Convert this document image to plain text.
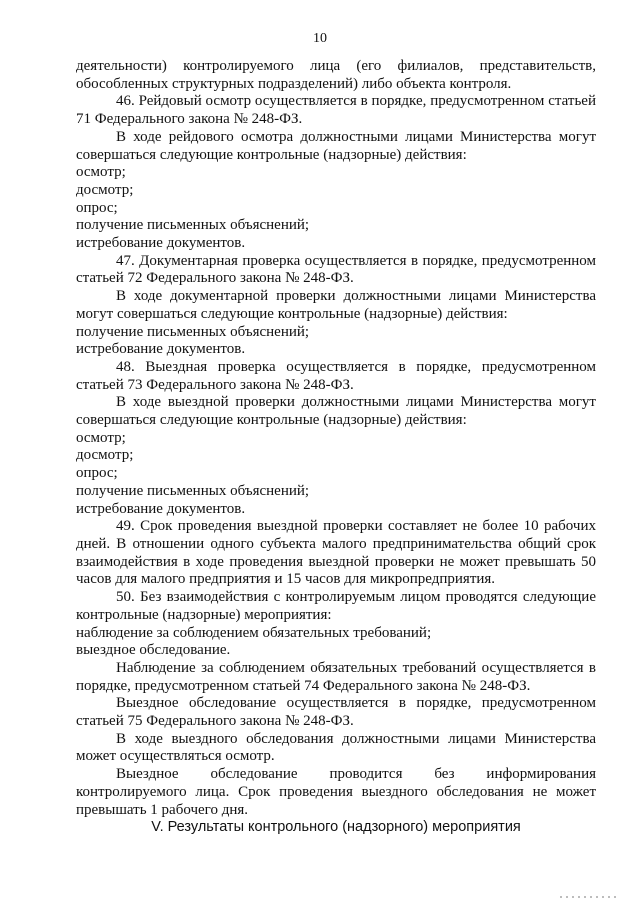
10

деятельности) контролируемого лица (его филиалов, представительств, обособленных структурных подразделений) либо объекта контроля.

46. Рейдовый осмотр осуществляется в порядке, предусмотренном статьей 71 Федерального закона № 248-ФЗ.

В ходе рейдового осмотра должностными лицами Министерства могут совершаться следующие контрольные (надзорные) действия:

осмотр;

досмотр;

опрос;

получение письменных объяснений;

истребование документов.

47. Документарная проверка осуществляется в порядке, предусмотренном статьей 72 Федерального закона № 248-ФЗ.

В ходе документарной проверки должностными лицами Министерства могут совершаться следующие контрольные (надзорные) действия:

получение письменных объяснений;

истребование документов.

48. Выездная проверка осуществляется в порядке, предусмотренном статьей 73 Федерального закона № 248-ФЗ.

В ходе выездной проверки должностными лицами Министерства могут совершаться следующие контрольные (надзорные) действия:

осмотр;

досмотр;

опрос;

получение письменных объяснений;

истребование документов.

49. Срок проведения выездной проверки составляет не более 10 рабочих дней. В отношении одного субъекта малого предпринимательства общий срок взаимодействия в ходе проведения выездной проверки не может превышать 50 часов для малого предприятия и 15 часов для микропредприятия.

50. Без взаимодействия с контролируемым лицом проводятся следующие контрольные (надзорные) мероприятия:

наблюдение за соблюдением обязательных требований;

выездное обследование.

Наблюдение за соблюдением обязательных требований осуществляется в порядке, предусмотренном статьей 74 Федерального закона № 248-ФЗ.

Выездное обследование осуществляется в порядке, предусмотренном статьей 75 Федерального закона № 248-ФЗ.

В ходе выездного обследования должностными лицами Министерства может осуществляться осмотр.

Выездное обследование проводится без информирования контролируемого лица. Срок проведения выездного обследования не может превышать 1 рабочего дня.

V. Результаты контрольного (надзорного) мероприятия
